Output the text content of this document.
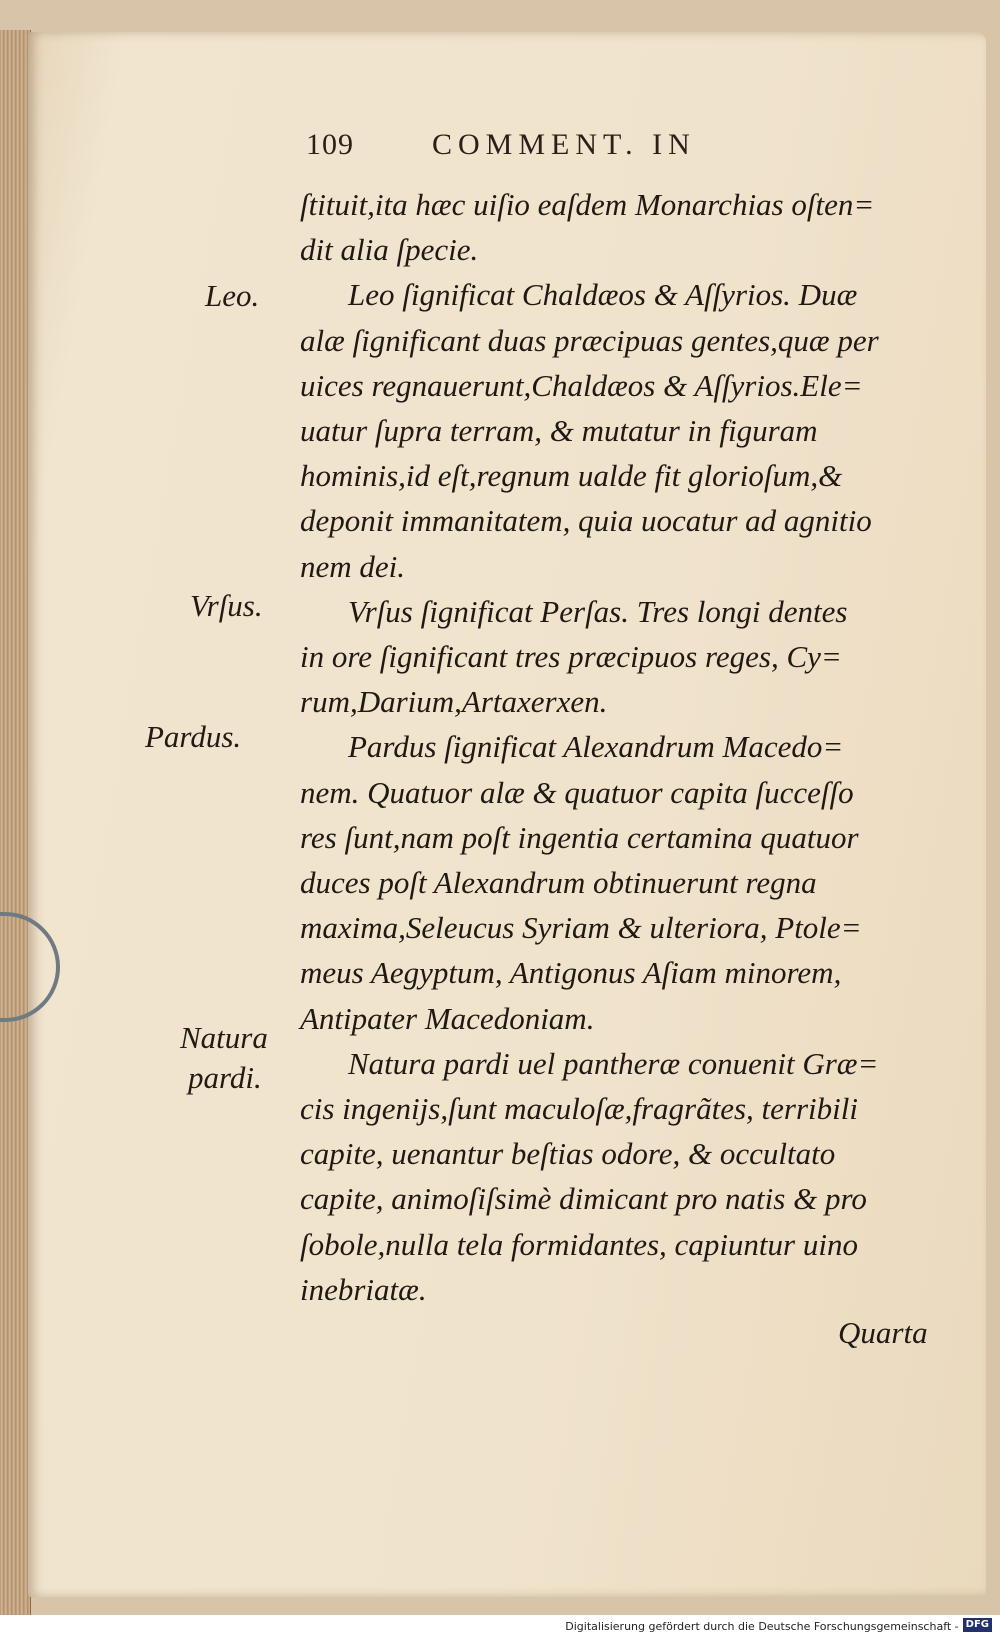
109	COMMENT. IN
Leo.
Vrſus.
Pardus.
Natura
pardi.
ſtituit,ita hæc uiſio eaſdem Monarchias oſten=
dit alia ſpecie.
Leo ſignificat Chaldæos & Aſſyrios. Duæ
alæ ſignificant duas præcipuas gentes,quæ per
uices regnauerunt,Chaldæos & Aſſyrios.Ele=
uatur ſupra terram, & mutatur in figuram
hominis,id eſt,regnum ualde fit glorioſum,&
deponit immanitatem, quia uocatur ad agnitio
nem dei.
Vrſus ſignificat Perſas. Tres longi dentes
in ore ſignificant tres præcipuos reges, Cy=
rum,Darium,Artaxerxen.
Pardus ſignificat Alexandrum Macedo=
nem. Quatuor alæ & quatuor capita ſucceſſo
res ſunt,nam poſt ingentia certamina quatuor
duces poſt Alexandrum obtinuerunt regna
maxima,Seleucus Syriam & ulteriora, Ptole=
meus Aegyptum, Antigonus Aſiam minorem,
Antipater Macedoniam.
Natura pardi uel pantheræ conuenit Græ=
cis ingenijs,ſunt maculoſæ,fragrãtes, terribili
capite, uenantur beſtias odore, & occultato
capite, animoſiſsimè dimicant pro natis & pro
ſobole,nulla tela formidantes, capiuntur uino
inebriatæ.
Quarta
Digitalisierung gefördert durch die Deutsche Forschungsgemeinschaft - DFG
